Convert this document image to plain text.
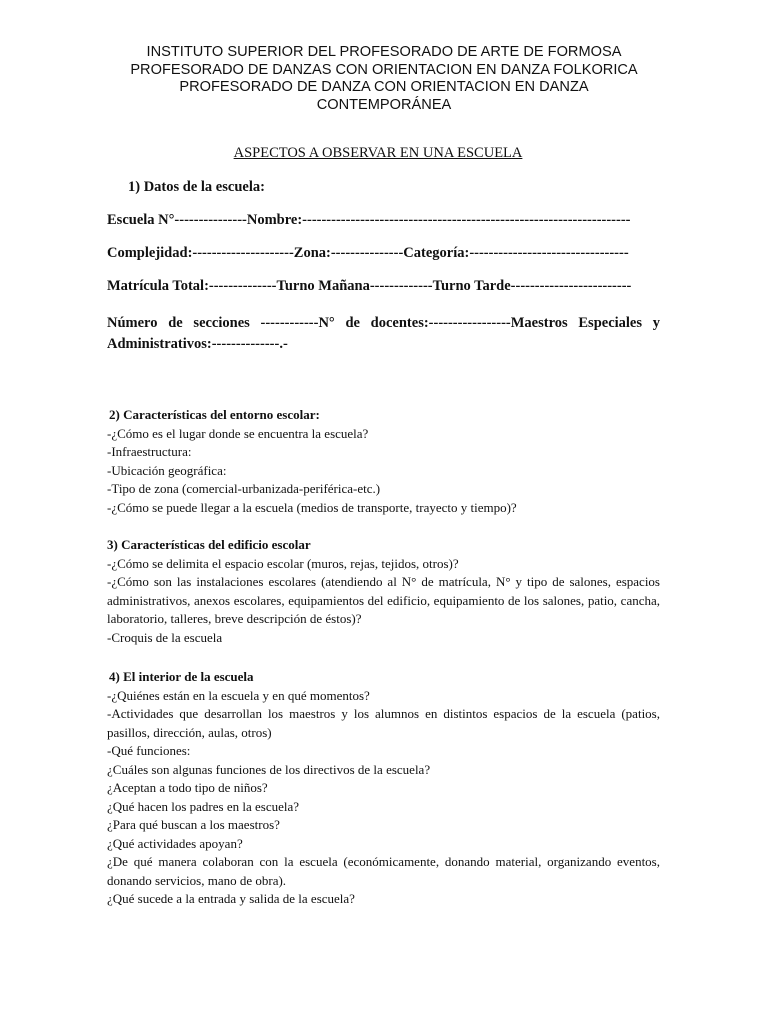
INSTITUTO SUPERIOR DEL PROFESORADO DE ARTE DE FORMOSA
PROFESORADO DE DANZAS CON ORIENTACION EN DANZA FOLKORICA
PROFESORADO DE DANZA CON ORIENTACION EN DANZA
CONTEMPORÁNEA
ASPECTOS A OBSERVAR EN UNA ESCUELA
1) Datos de la escuela:
Escuela N°---------------Nombre:--------------------------------------------------------------------
Complejidad:---------------------Zona:---------------Categoría:---------------------------------
Matrícula Total:--------------Turno Mañana-------------Turno Tarde-------------------------
Número de secciones ------------N° de docentes:-----------------Maestros Especiales y Administrativos:--------------.-
2) Características del entorno escolar:
-¿Cómo es el lugar donde se encuentra la escuela?
-Infraestructura:
-Ubicación geográfica:
-Tipo de zona (comercial-urbanizada-periférica-etc.)
-¿Cómo se puede llegar a la escuela (medios de transporte, trayecto y tiempo)?
3) Características del edificio escolar
-¿Cómo se delimita el espacio escolar (muros, rejas, tejidos, otros)?
-¿Cómo son las instalaciones escolares (atendiendo al N° de matrícula, N° y tipo de salones, espacios administrativos, anexos escolares, equipamientos del edificio, equipamiento de los salones, patio, cancha, laboratorio, talleres, breve descripción de éstos)?
-Croquis de la escuela
4) El interior de la escuela
-¿Quiénes están en la escuela y en qué momentos?
-Actividades que desarrollan los maestros y los alumnos en distintos espacios de la escuela (patios, pasillos, dirección, aulas, otros)
-Qué funciones:
¿Cuáles son algunas funciones de los directivos de la escuela?
¿Aceptan a todo tipo de niños?
¿Qué hacen los padres en la escuela?
¿Para qué buscan a los maestros?
¿Qué actividades apoyan?
¿De qué manera colaboran con la escuela (económicamente, donando material, organizando eventos, donando servicios, mano de obra).
¿Qué sucede a la entrada y salida de la escuela?
